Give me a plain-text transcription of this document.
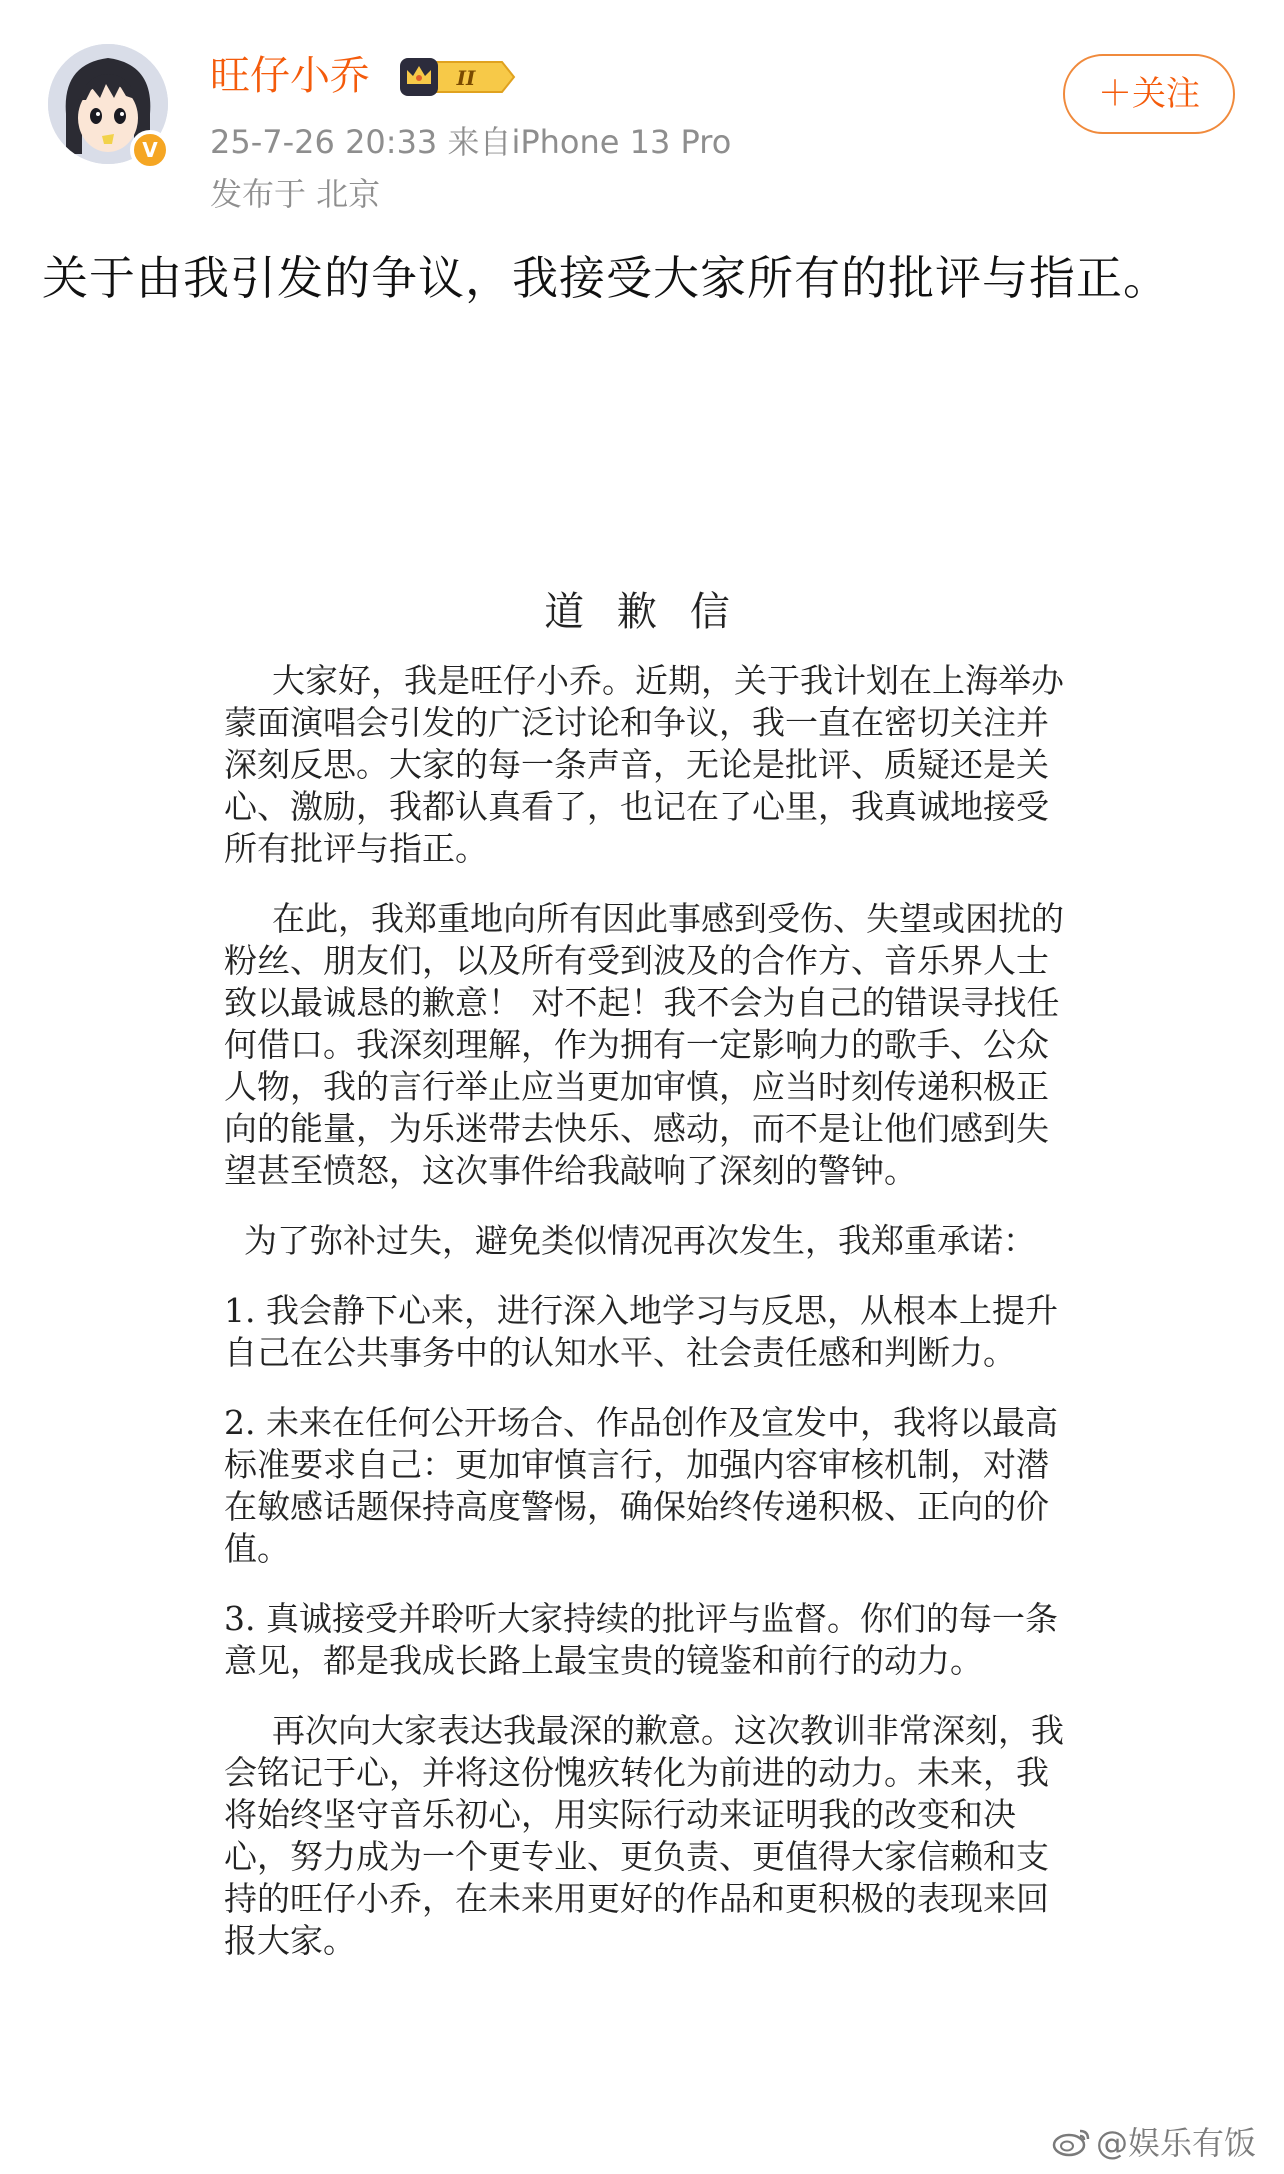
V
旺仔小乔	II
25-7-26 20:33 来自iPhone 13 Pro
发布于 北京
＋关注
关于由我引发的争议，我接受大家所有的批评与指正。
道 歉 信

大家好，我是旺仔小乔。近期，关于我计划在上海举办蒙面演唱会引发的广泛讨论和争议，我一直在密切关注并深刻反思。大家的每一条声音，无论是批评、质疑还是关心、激励，我都认真看了，也记在了心里，我真诚地接受所有批评与指正。

在此，我郑重地向所有因此事感到受伤、失望或困扰的粉丝、朋友们，以及所有受到波及的合作方、音乐界人士致以最诚恳的歉意！ 对不起！我不会为自己的错误寻找任何借口。我深刻理解，作为拥有一定影响力的歌手、公众人物，我的言行举止应当更加审慎，应当时刻传递积极正向的能量，为乐迷带去快乐、感动，而不是让他们感到失望甚至愤怒，这次事件给我敲响了深刻的警钟。

为了弥补过失，避免类似情况再次发生，我郑重承诺：

1. 我会静下心来，进行深入地学习与反思，从根本上提升自己在公共事务中的认知水平、社会责任感和判断力。

2. 未来在任何公开场合、作品创作及宣发中，我将以最高标准要求自己：更加审慎言行，加强内容审核机制，对潜在敏感话题保持高度警惕，确保始终传递积极、正向的价值。

3. 真诚接受并聆听大家持续的批评与监督。你们的每一条意见，都是我成长路上最宝贵的镜鉴和前行的动力。

再次向大家表达我最深的歉意。这次教训非常深刻，我会铭记于心，并将这份愧疚转化为前进的动力。未来，我将始终坚守音乐初心，用实际行动来证明我的改变和决心，努力成为一个更专业、更负责、更值得大家信赖和支持的旺仔小乔，在未来用更好的作品和更积极的表现来回报大家。

@娱乐有饭
